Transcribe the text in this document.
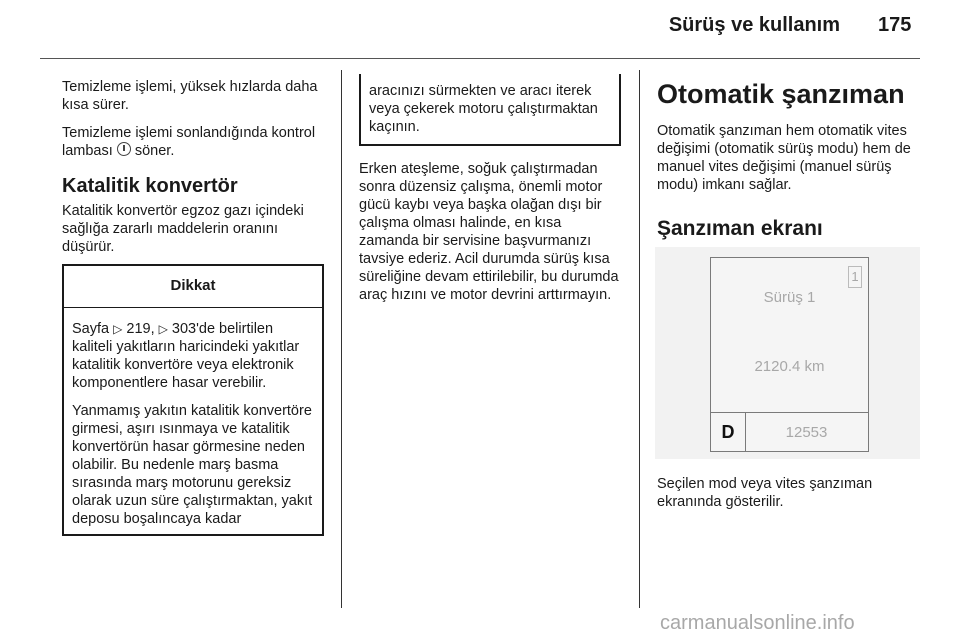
Sürüş ve kullanım 175

Temizleme işlemi, yüksek hızlarda daha kısa sürer.

Temizleme işlemi sonlandığında kontrol lambası söner.

Katalitik konvertör

Katalitik konvertör egzoz gazı içindeki sağlığa zararlı maddelerin oranını düşürür.

Dikkat

Sayfa ▷ 219, ▷ 303'de belirtilen kaliteli yakıtların haricindeki yakıtlar katalitik konvertöre veya elektronik komponentlere hasar verebilir.

Yanmamış yakıtın katalitik konvertöre girmesi, aşırı ısınmaya ve katalitik konvertörün hasar görmesine neden olabilir. Bu nedenle marş basma sırasında marş motorunu gereksiz olarak uzun süre çalıştırmaktan, yakıt deposu boşalıncaya kadar

aracınızı sürmekten ve aracı iterek veya çekerek motoru çalıştırmaktan kaçının.

Erken ateşleme, soğuk çalıştırmadan sonra düzensiz çalışma, önemli motor gücü kaybı veya başka olağan dışı bir çalışma olması halinde, en kısa zamanda bir servisine başvurmanızı tavsiye ederiz. Acil durumda sürüş kısa süreliğine devam ettirilebilir, bu durumda araç hızını ve motor devrini arttırmayın.

Otomatik şanzıman

Otomatik şanzıman hem otomatik vites değişimi (otomatik sürüş modu) hem de manuel vites değişimi (manuel sürüş modu) imkanı sağlar.

Şanzıman ekranı
1
Sürüş 1
2120.4 km
D	12553

Seçilen mod veya vites şanzıman ekranında gösterilir.

carmanualsonline.info
